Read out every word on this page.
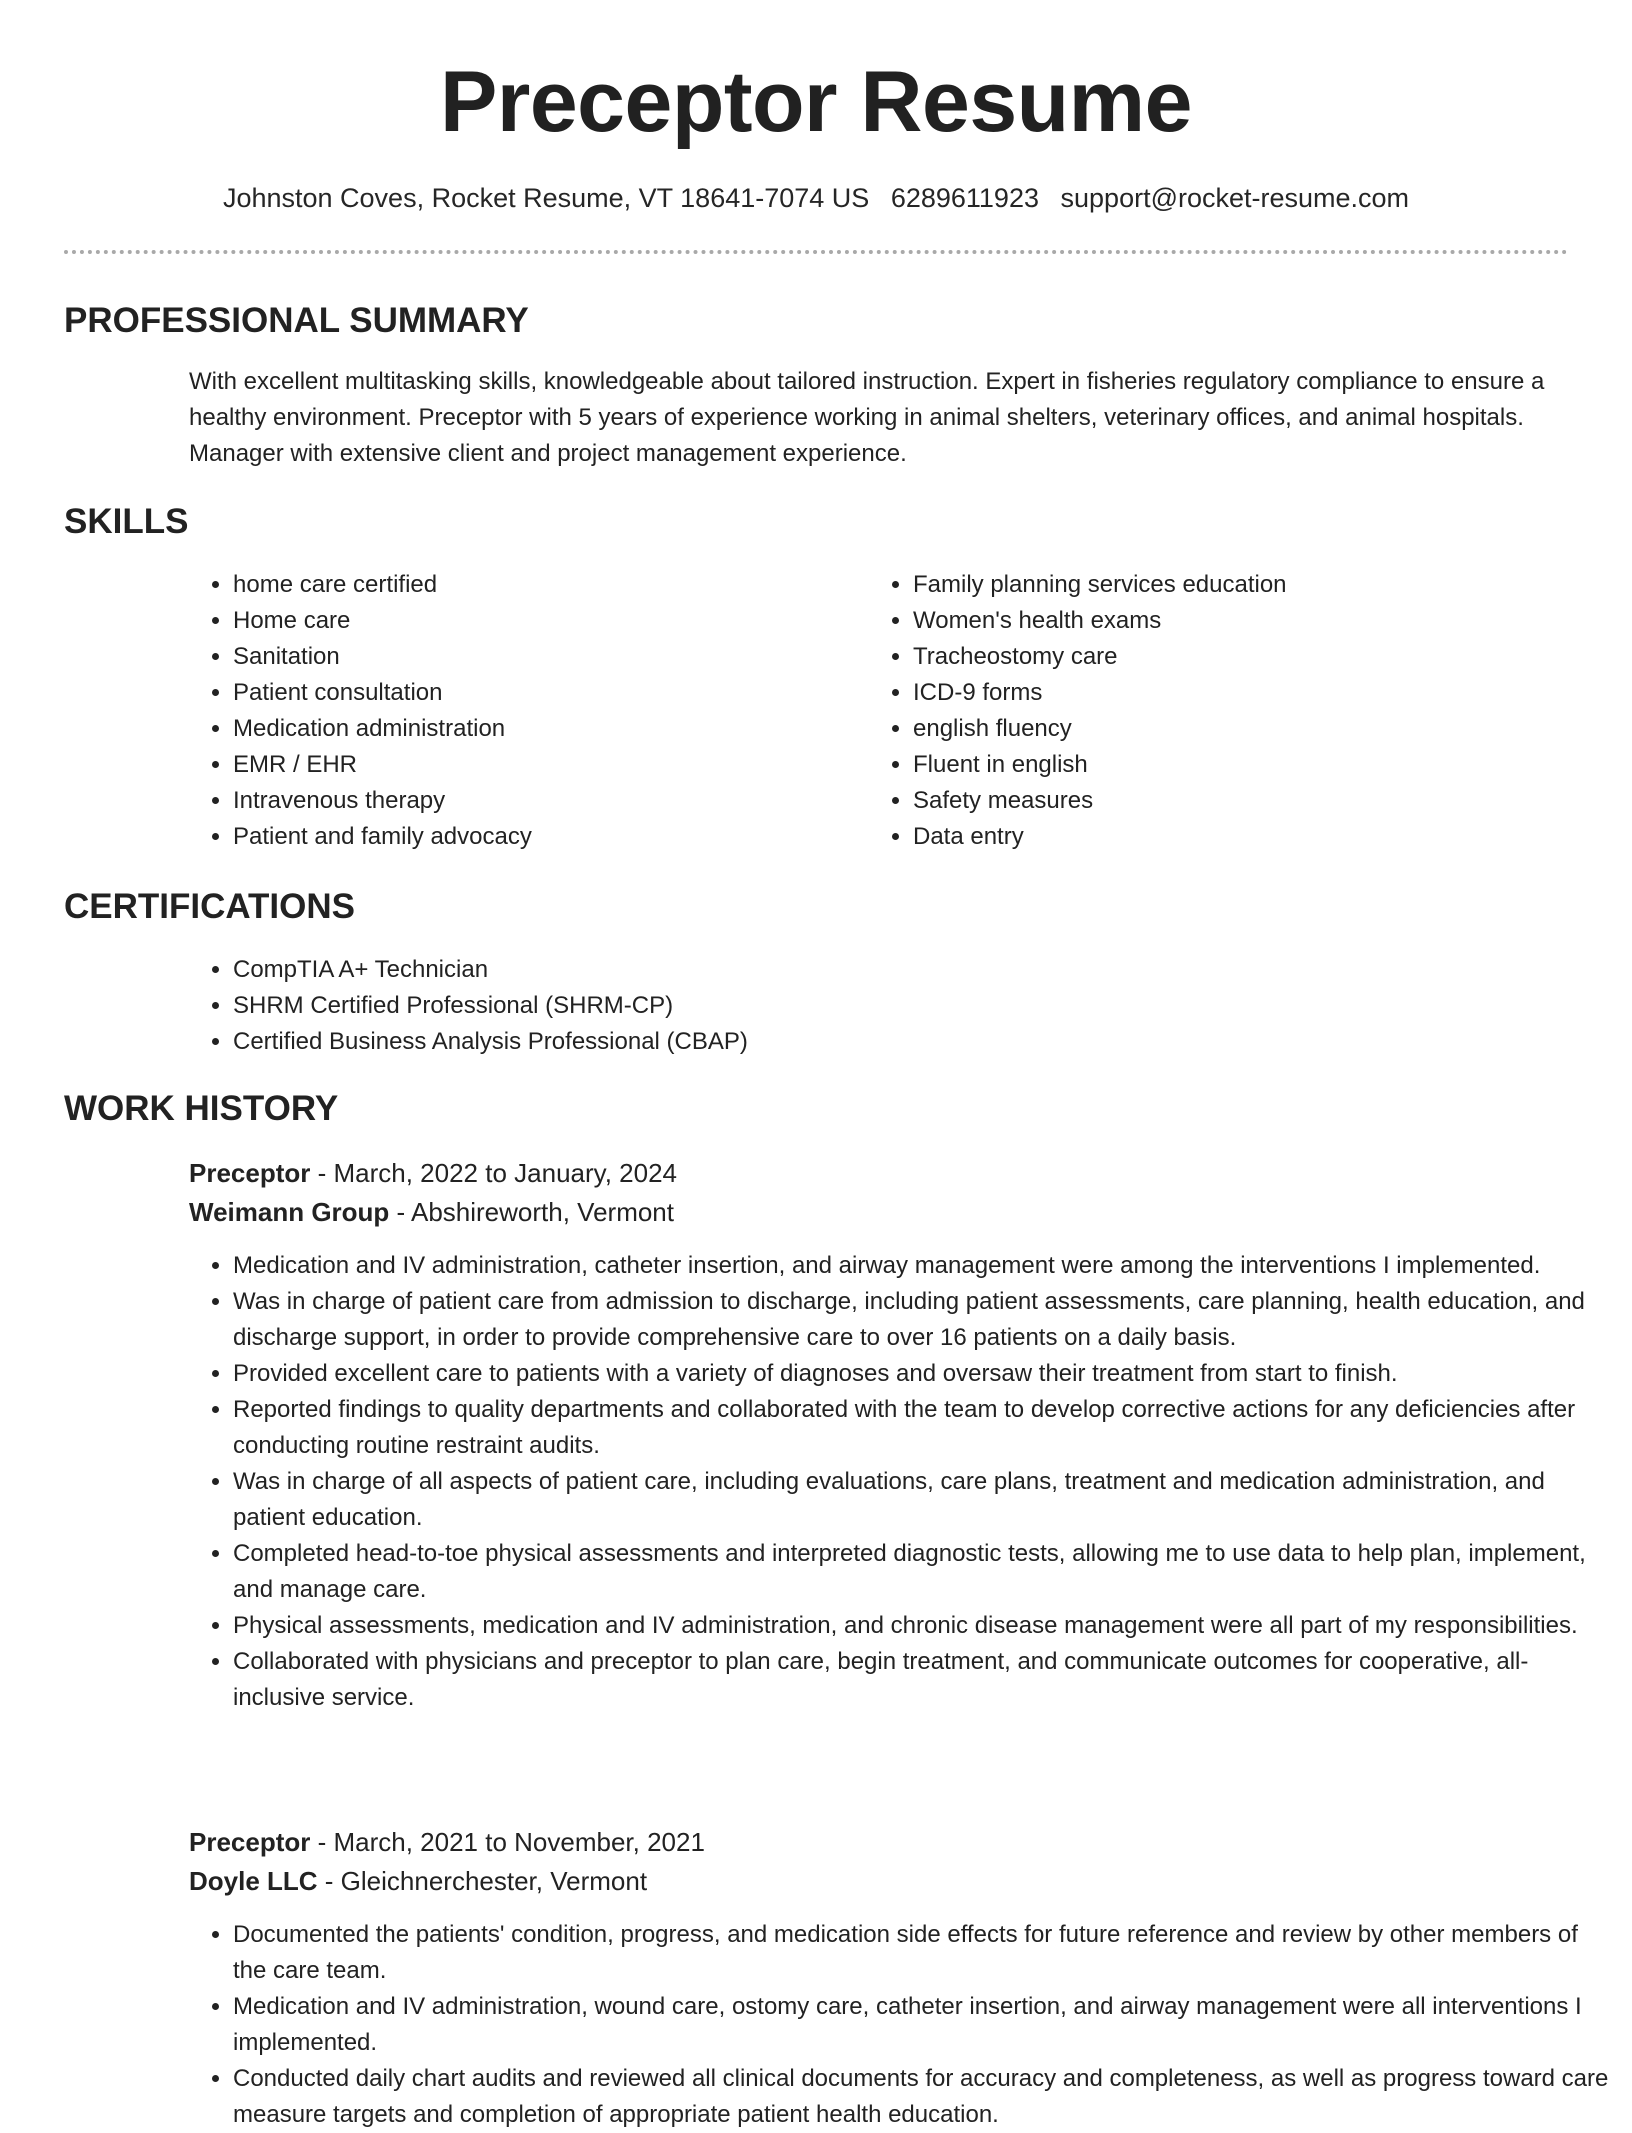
Preceptor Resume
Johnston Coves, Rocket Resume, VT 18641-7074 US 6289611923 support@rocket-resume.com
PROFESSIONAL SUMMARY

With excellent multitasking skills, knowledgeable about tailored instruction. Expert in fisheries regulatory compliance to ensure a healthy environment. Preceptor with 5 years of experience working in animal shelters, veterinary offices, and animal hospitals. Manager with extensive client and project management experience.

SKILLS
• home care certified
• Home care
• Sanitation
• Patient consultation
• Medication administration
• EMR / EHR
• Intravenous therapy
• Patient and family advocacy
• Family planning services education
• Women's health exams
• Tracheostomy care
• ICD-9 forms
• english fluency
• Fluent in english
• Safety measures
• Data entry
CERTIFICATIONS
• CompTIA A+ Technician
• SHRM Certified Professional (SHRM-CP)
• Certified Business Analysis Professional (CBAP)
WORK HISTORY
Preceptor - March, 2022 to January, 2024
Weimann Group - Abshireworth, Vermont
• Medication and IV administration, catheter insertion, and airway management were among the interventions I implemented.
• Was in charge of patient care from admission to discharge, including patient assessments, care planning, health education, and discharge support, in order to provide comprehensive care to over 16 patients on a daily basis.
• Provided excellent care to patients with a variety of diagnoses and oversaw their treatment from start to finish.
• Reported findings to quality departments and collaborated with the team to develop corrective actions for any deficiencies after conducting routine restraint audits.
• Was in charge of all aspects of patient care, including evaluations, care plans, treatment and medication administration, and patient education.
• Completed head-to-toe physical assessments and interpreted diagnostic tests, allowing me to use data to help plan, implement, and manage care.
• Physical assessments, medication and IV administration, and chronic disease management were all part of my responsibilities.
• Collaborated with physicians and preceptor to plan care, begin treatment, and communicate outcomes for cooperative, all-inclusive service.
Preceptor - March, 2021 to November, 2021
Doyle LLC - Gleichnerchester, Vermont
• Documented the patients' condition, progress, and medication side effects for future reference and review by other members of the care team.
• Medication and IV administration, wound care, ostomy care, catheter insertion, and airway management were all interventions I implemented.
• Conducted daily chart audits and reviewed all clinical documents for accuracy and completeness, as well as progress toward care measure targets and completion of appropriate patient health education.
